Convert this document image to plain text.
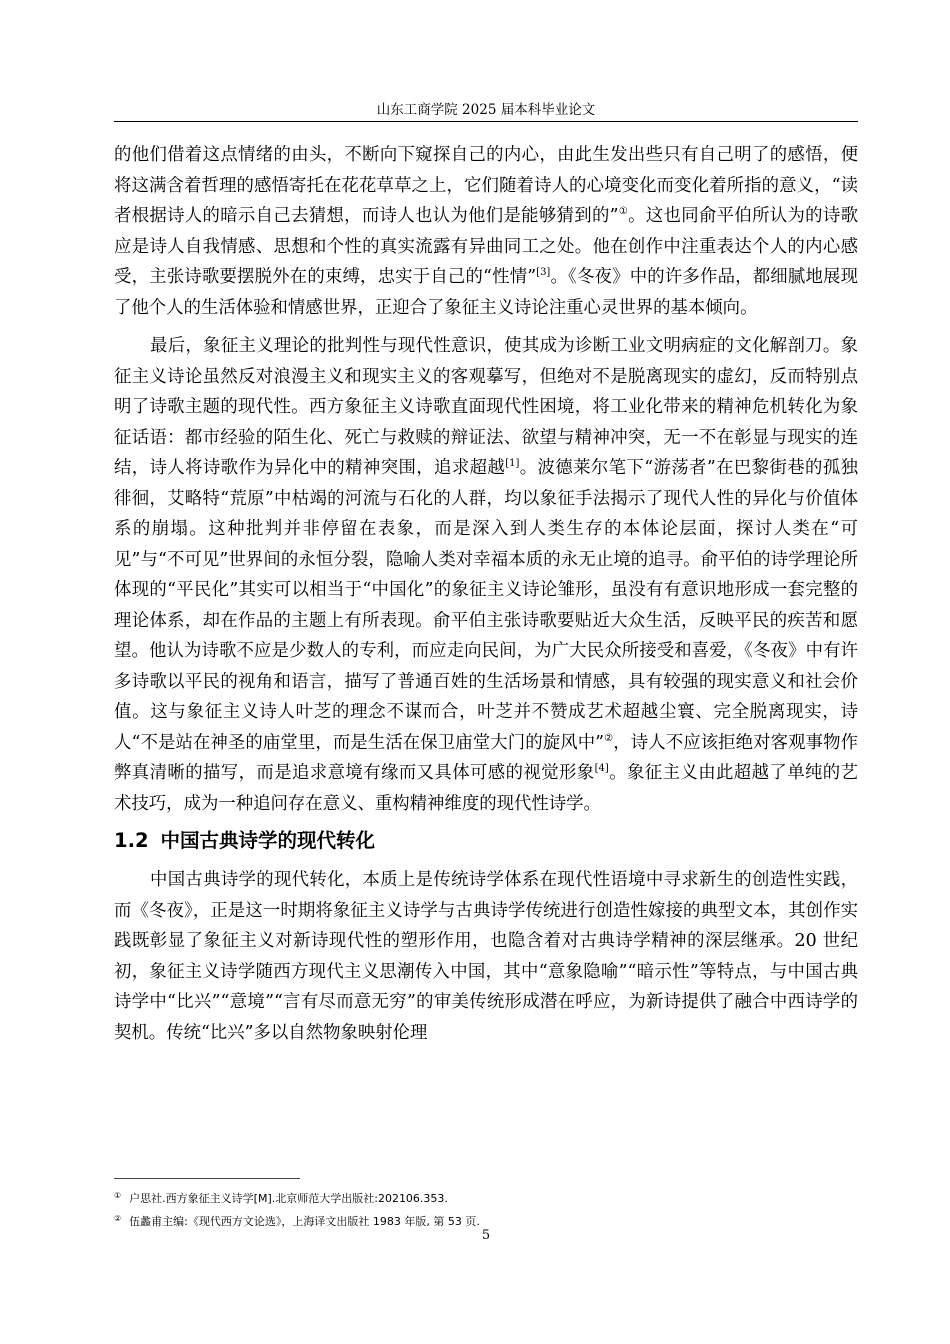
山东工商学院 2025 届本科毕业论文

的他们借着这点情绪的由头，不断向下窥探自己的内心，由此生发出些只有自己明了的感悟，便将这满含着哲理的感悟寄托在花花草草之上，它们随着诗人的心境变化而变化着所指的意义，“读者根据诗人的暗示自己去猜想，而诗人也认为他们是能够猜到的”①。这也同俞平伯所认为的诗歌应是诗人自我情感、思想和个性的真实流露有异曲同工之处。他在创作中注重表达个人的内心感受，主张诗歌要摆脱外在的束缚，忠实于自己的“性情”[3]。《冬夜》中的许多作品，都细腻地展现了他个人的生活体验和情感世界，正迎合了象征主义诗论注重心灵世界的基本倾向。

最后，象征主义理论的批判性与现代性意识，使其成为诊断工业文明病症的文化解剖刀。象征主义诗论虽然反对浪漫主义和现实主义的客观摹写，但绝对不是脱离现实的虚幻，反而特别点明了诗歌主题的现代性。西方象征主义诗歌直面现代性困境，将工业化带来的精神危机转化为象征话语：都市经验的陌生化、死亡与救赎的辩证法、欲望与精神冲突，无一不在彰显与现实的连结，诗人将诗歌作为异化中的精神突围，追求超越[1]。波德莱尔笔下“游荡者”在巴黎街巷的孤独徘徊，艾略特“荒原”中枯竭的河流与石化的人群，均以象征手法揭示了现代人性的异化与价值体系的崩塌。这种批判并非停留在表象，而是深入到人类生存的本体论层面，探讨人类在“可见”与“不可见”世界间的永恒分裂，隐喻人类对幸福本质的永无止境的追寻。俞平伯的诗学理论所体现的“平民化”其实可以相当于“中国化”的象征主义诗论雏形，虽没有有意识地形成一套完整的理论体系，却在作品的主题上有所表现。俞平伯主张诗歌要贴近大众生活，反映平民的疾苦和愿望。他认为诗歌不应是少数人的专利，而应走向民间，为广大民众所接受和喜爱，《冬夜》中有许多诗歌以平民的视角和语言，描写了普通百姓的生活场景和情感，具有较强的现实意义和社会价值。这与象征主义诗人叶芝的理念不谋而合，叶芝并不赞成艺术超越尘寰、完全脱离现实，诗人“不是站在神圣的庙堂里，而是生活在保卫庙堂大门的旋风中”②，诗人不应该拒绝对客观事物作弊真清晰的描写，而是追求意境有缘而又具体可感的视觉形象[4]。象征主义由此超越了单纯的艺术技巧，成为一种追问存在意义、重构精神维度的现代性诗学。

1.2 中国古典诗学的现代转化

中国古典诗学的现代转化，本质上是传统诗学体系在现代性语境中寻求新生的创造性实践，而《冬夜》，正是这一时期将象征主义诗学与古典诗学传统进行创造性嫁接的典型文本，其创作实践既彰显了象征主义对新诗现代性的塑形作用，也隐含着对古典诗学精神的深层继承。20 世纪初，象征主义诗学随西方现代主义思潮传入中国，其中“意象隐喻”“暗示性”等特点，与中国古典诗学中“比兴”“意境”“言有尽而意无穷”的审美传统形成潜在呼应，为新诗提供了融合中西诗学的契机。传统“比兴”多以自然物象映射伦理

① 户思社.西方象征主义诗学[M].北京师范大学出版社:202106.353.
② 伍蠡甫主编:《现代西方文论选》，上海译文出版社 1983 年版, 第 53 页.
5
